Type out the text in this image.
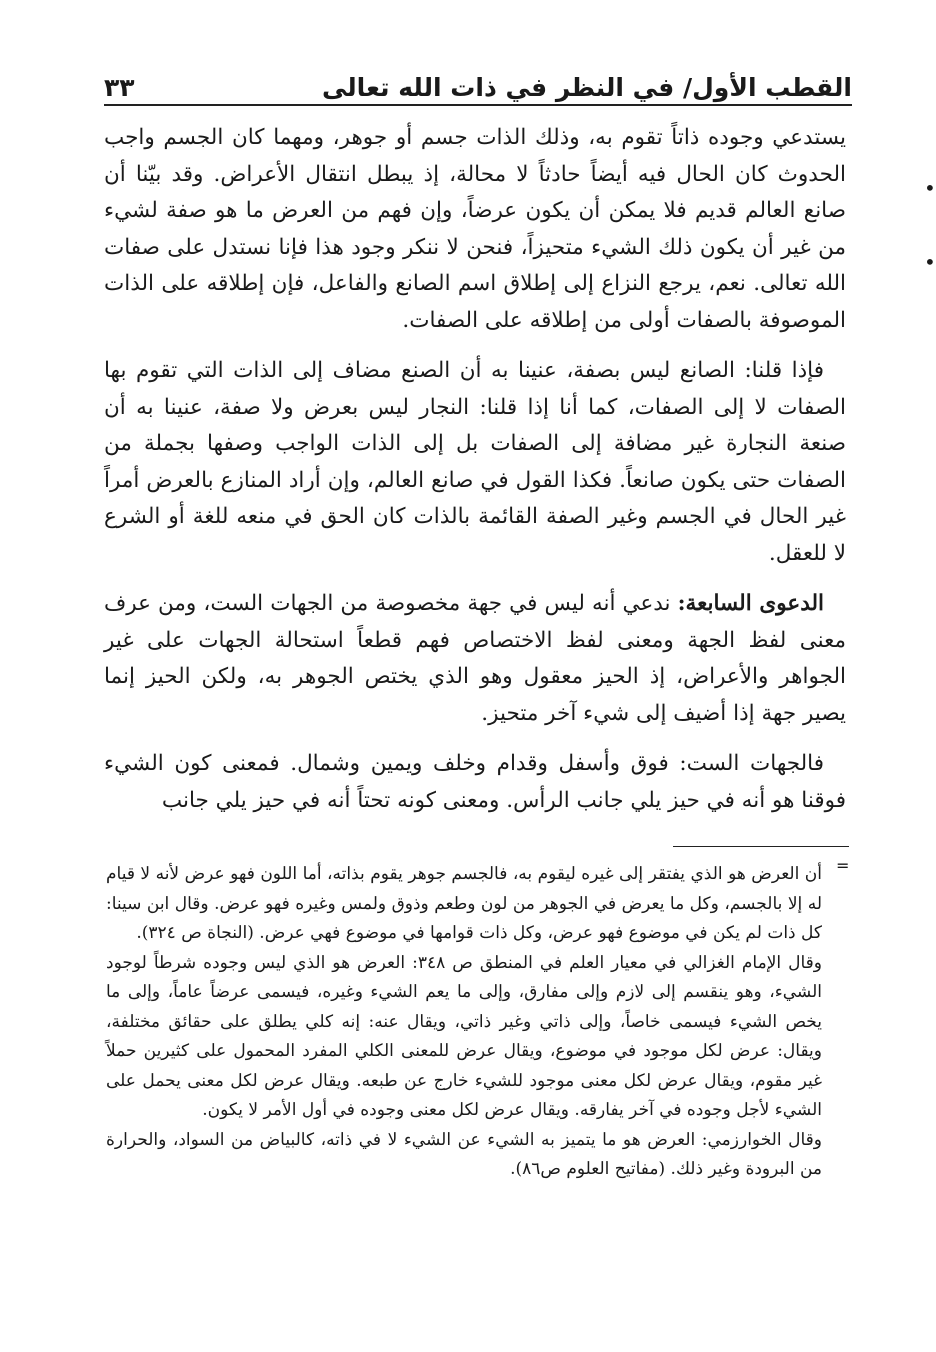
القطب الأول/ في النظر في ذات الله تعالى
٣٣
•
•

يستدعي وجوده ذاتاً تقوم به، وذلك الذات جسم أو جوهر، ومهما كان الجسم واجب الحدوث كان الحال فيه أيضاً حادثاً لا محالة، إذ يبطل انتقال الأعراض. وقد بيّنا أن صانع العالم قديم فلا يمكن أن يكون عرضاً، وإن فهم من العرض ما هو صفة لشيء من غير أن يكون ذلك الشيء متحيزاً، فنحن لا ننكر وجود هذا فإنا نستدل على صفات الله تعالى. نعم، يرجع النزاع إلى إطلاق اسم الصانع والفاعل، فإن إطلاقه على الذات الموصوفة بالصفات أولى من إطلاقه على الصفات.

فإذا قلنا: الصانع ليس بصفة، عنينا به أن الصنع مضاف إلى الذات التي تقوم بها الصفات لا إلى الصفات، كما أنا إذا قلنا: النجار ليس بعرض ولا صفة، عنينا به أن صنعة النجارة غير مضافة إلى الصفات بل إلى الذات الواجب وصفها بجملة من الصفات حتى يكون صانعاً. فكذا القول في صانع العالم، وإن أراد المنازع بالعرض أمراً غير الحال في الجسم وغير الصفة القائمة بالذات كان الحق في منعه للغة أو الشرع لا للعقل.

الدعوى السابعة: ندعي أنه ليس في جهة مخصوصة من الجهات الست، ومن عرف معنى لفظ الجهة ومعنى لفظ الاختصاص فهم قطعاً استحالة الجهات على غير الجواهر والأعراض، إذ الحيز معقول وهو الذي يختص الجوهر به، ولكن الحيز إنما يصير جهة إذا أضيف إلى شيء آخر متحيز.

فالجهات الست: فوق وأسفل وقدام وخلف ويمين وشمال. فمعنى كون الشيء فوقنا هو أنه في حيز يلي جانب الرأس. ومعنى كونه تحتاً أنه في حيز يلي جانب

=

أن العرض هو الذي يفتقر إلى غيره ليقوم به، فالجسم جوهر يقوم بذاته، أما اللون فهو عرض لأنه لا قيام له إلا بالجسم، وكل ما يعرض في الجوهر من لون وطعم وذوق ولمس وغيره فهو عرض. وقال ابن سينا: كل ذات لم يكن في موضوع فهو عرض، وكل ذات قوامها في موضوع فهي عرض. (النجاة ص ٣٢٤).

وقال الإمام الغزالي في معيار العلم في المنطق ص ٣٤٨: العرض هو الذي ليس وجوده شرطاً لوجود الشيء، وهو ينقسم إلى لازم وإلى مفارق، وإلى ما يعم الشيء وغيره، فيسمى عرضاً عاماً، وإلى ما يخص الشيء فيسمى خاصاً، وإلى ذاتي وغير ذاتي، ويقال عنه: إنه كلي يطلق على حقائق مختلفة، ويقال: عرض لكل موجود في موضوع، ويقال عرض للمعنى الكلي المفرد المحمول على كثيرين حملاً غير مقوم، ويقال عرض لكل معنى موجود للشيء خارج عن طبعه. ويقال عرض لكل معنى يحمل على الشيء لأجل وجوده في آخر يفارقه. ويقال عرض لكل معنى وجوده في أول الأمر لا يكون.

وقال الخوارزمي: العرض هو ما يتميز به الشيء عن الشيء لا في ذاته، كالبياض من السواد، والحرارة من البرودة وغير ذلك. (مفاتيح العلوم ص٨٦).
